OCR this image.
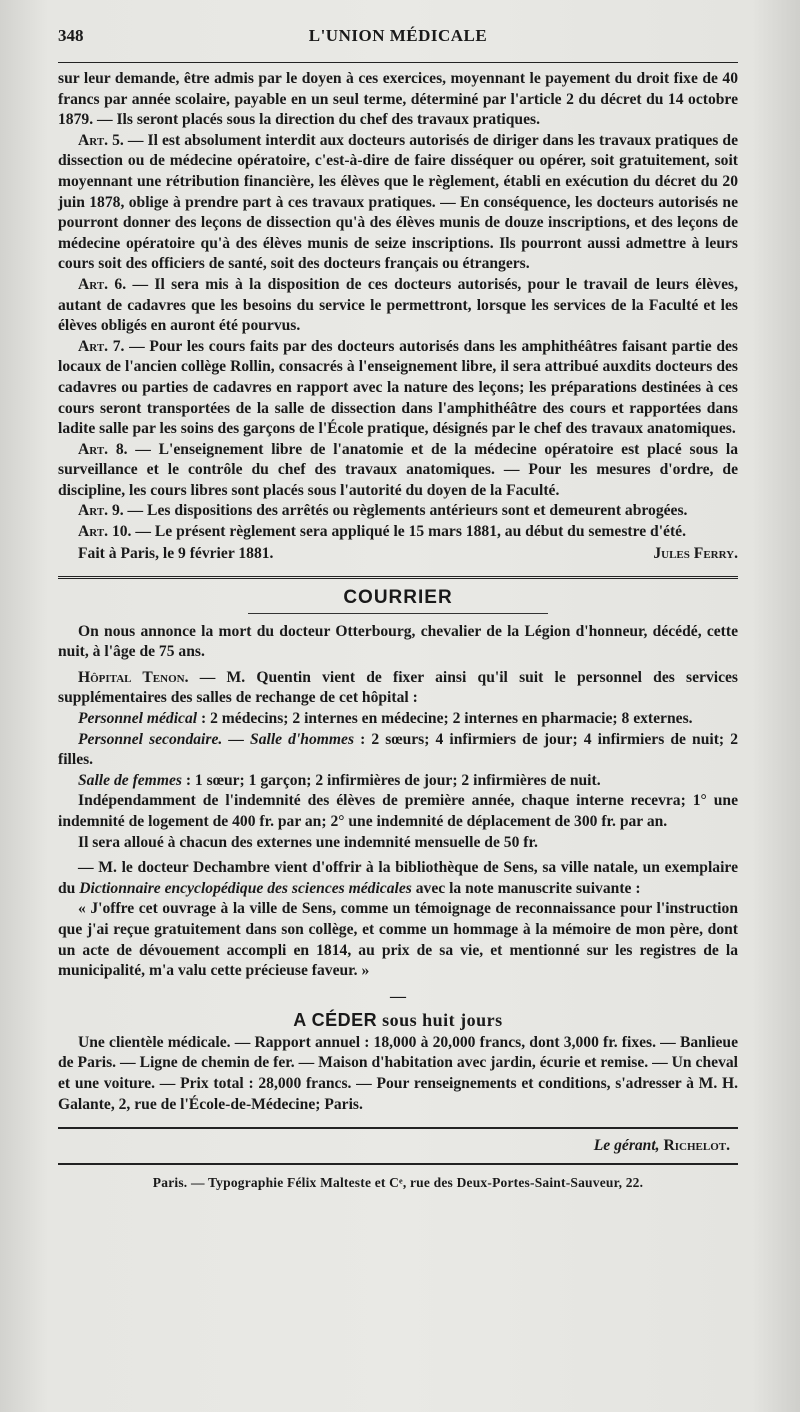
348	L'UNION MÉDICALE

sur leur demande, être admis par le doyen à ces exercices, moyennant le payement du droit fixe de 40 francs par année scolaire, payable en un seul terme, déterminé par l'article 2 du décret du 14 octobre 1879. — Ils seront placés sous la direction du chef des travaux pratiques.

Art. 5. — Il est absolument interdit aux docteurs autorisés de diriger dans les travaux pratiques de dissection ou de médecine opératoire, c'est-à-dire de faire disséquer ou opérer, soit gratuitement, soit moyennant une rétribution financière, les élèves que le règlement, établi en exécution du décret du 20 juin 1878, oblige à prendre part à ces travaux pratiques. — En conséquence, les docteurs autorisés ne pourront donner des leçons de dissection qu'à des élèves munis de douze inscriptions, et des leçons de médecine opératoire qu'à des élèves munis de seize inscriptions. Ils pourront aussi admettre à leurs cours soit des officiers de santé, soit des docteurs français ou étrangers.

Art. 6. — Il sera mis à la disposition de ces docteurs autorisés, pour le travail de leurs élèves, autant de cadavres que les besoins du service le permettront, lorsque les services de la Faculté et les élèves obligés en auront été pourvus.

Art. 7. — Pour les cours faits par des docteurs autorisés dans les amphithéâtres faisant partie des locaux de l'ancien collège Rollin, consacrés à l'enseignement libre, il sera attribué auxdits docteurs des cadavres ou parties de cadavres en rapport avec la nature des leçons; les préparations destinées à ces cours seront transportées de la salle de dissection dans l'amphithéâtre des cours et rapportées dans ladite salle par les soins des garçons de l'École pratique, désignés par le chef des travaux anatomiques.

Art. 8. — L'enseignement libre de l'anatomie et de la médecine opératoire est placé sous la surveillance et le contrôle du chef des travaux anatomiques. — Pour les mesures d'ordre, de discipline, les cours libres sont placés sous l'autorité du doyen de la Faculté.

Art. 9. — Les dispositions des arrêtés ou règlements antérieurs sont et demeurent abrogées.

Art. 10. — Le présent règlement sera appliqué le 15 mars 1881, au début du semestre d'été.

Fait à Paris, le 9 février 1881.	Jules Ferry.
COURRIER

On nous annonce la mort du docteur Otterbourg, chevalier de la Légion d'honneur, décédé, cette nuit, à l'âge de 75 ans.

Hôpital Tenon. — M. Quentin vient de fixer ainsi qu'il suit le personnel des services supplémentaires des salles de rechange de cet hôpital :

Personnel médical : 2 médecins; 2 internes en médecine; 2 internes en pharmacie; 8 externes.

Personnel secondaire. — Salle d'hommes : 2 sœurs; 4 infirmiers de jour; 4 infirmiers de nuit; 2 filles.

Salle de femmes : 1 sœur; 1 garçon; 2 infirmières de jour; 2 infirmières de nuit.

Indépendamment de l'indemnité des élèves de première année, chaque interne recevra; 1° une indemnité de logement de 400 fr. par an; 2° une indemnité de déplacement de 300 fr. par an.

Il sera alloué à chacun des externes une indemnité mensuelle de 50 fr.

— M. le docteur Dechambre vient d'offrir à la bibliothèque de Sens, sa ville natale, un exemplaire du Dictionnaire encyclopédique des sciences médicales avec la note manuscrite suivante :

« J'offre cet ouvrage à la ville de Sens, comme un témoignage de reconnaissance pour l'instruction que j'ai reçue gratuitement dans son collège, et comme un hommage à la mémoire de mon père, dont un acte de dévouement accompli en 1814, au prix de sa vie, et mentionné sur les registres de la municipalité, m'a valu cette précieuse faveur. »

—
A CÉDER sous huit jours

Une clientèle médicale. — Rapport annuel : 18,000 à 20,000 francs, dont 3,000 fr. fixes. — Banlieue de Paris. — Ligne de chemin de fer. — Maison d'habitation avec jardin, écurie et remise. — Un cheval et une voiture. — Prix total : 28,000 francs. — Pour renseignements et conditions, s'adresser à M. H. Galante, 2, rue de l'École-de-Médecine; Paris.

Le gérant, Richelot.
Paris. — Typographie Félix Malteste et Cᵉ, rue des Deux-Portes-Saint-Sauveur, 22.
